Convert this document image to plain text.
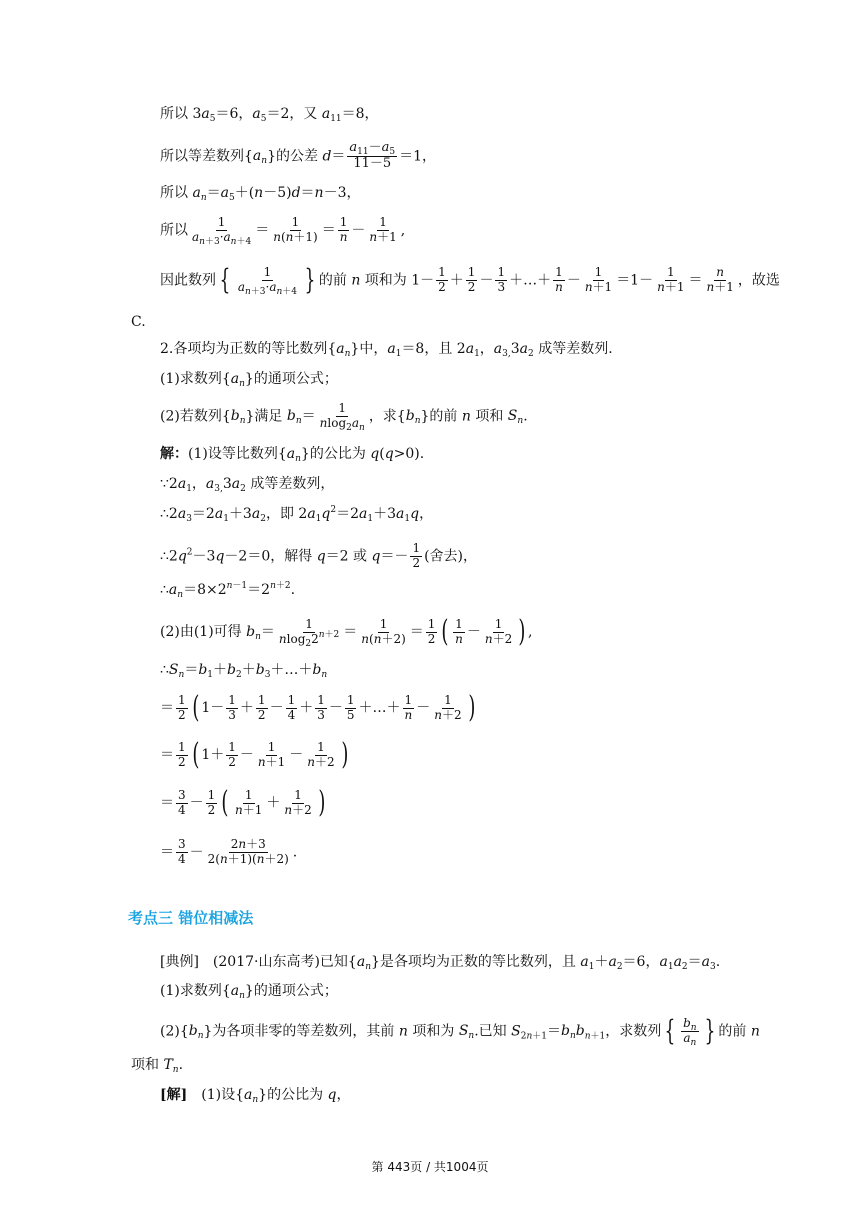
所以 $3a_5=6$，$a_5=2$，又 $a_{11}=8$，
所以等差数列$\{a_n\}$的公差 $d= \frac{a_{11}-a_5}{11-5} =1$，
所以 $a_n=a_5+(n-5)d=n-3$，
所以 $\frac{1}{a_{n+3}\cdot a_{n+4}} = \frac{1}{n(n+1)} = \frac{1}{n} - \frac{1}{n+1}$ ,
因此数列 { $\frac{1}{a_{n+3}\cdot a_{n+4}}$ } 的前 n 项和为 $1- \frac{1}{2} + \frac{1}{2} - \frac{1}{3}$ ＋…＋ $\frac{1}{n} - \frac{1}{n+1} =1- \frac{1}{n+1} = \frac{n}{n+1}$ ，故选
C.
2.各项均为正数的等比数列$\{a_n\}$中，$a_1=8$，且 $2a_1$，$a_{3,}3a_2$ 成等差数列.
(1)求数列$\{a_n\}$的通项公式；
(2)若数列$\{b_n\}$满足 $b_n= \frac{1}{nlog_2a_n}$ ，求$\{b_n\}$的前 n 项和 $S_n$.
解：(1)设等比数列$\{a_n\}$的公比为 q(q>0).
$\because 2a_1$，$a_{3,}3a_2$ 成等差数列，
$\therefore 2a_3=2a_1+3a_2$，即 $2a_1q^2=2a_1+3a_1q$，
$\therefore 2q^2-3q-2=0$，解得 q＝2 或 $q=- \frac{1}{2}$ (舍去)，
$\therefore a_n=8\times 2^{n-1}=2^{n+2}$.
(2)由(1)可得 $b_n= \frac{1}{nlog_22^{n+2}} = \frac{1}{n(n+2)} = \frac{1}{2}$ ( $\frac{1}{n} - \frac{1}{n+2}$ ) ,
$\therefore S_n=b_1+b_2+b_3+\dots+b_n$
＝ $\frac{1}{2}$ ( $1- \frac{1}{3} + \frac{1}{2} - \frac{1}{4} + \frac{1}{3} - \frac{1}{5}$ ＋…＋ $\frac{1}{n} - \frac{1}{n+2}$ )
＝ $\frac{1}{2}$ ( $1+ \frac{1}{2} - \frac{1}{n+1} - \frac{1}{n+2}$ )
＝ $\frac{3}{4} - \frac{1}{2}$ ( $\frac{1}{n+1} + \frac{1}{n+2}$ )
＝ $\frac{3}{4} - \frac{2n+3}{2(n+1)(n+2)}$ .
考点三 错位相减法
[典例]　(2017·山东高考)已知$\{a_n\}$是各项均为正数的等比数列，且 $a_1+a_2=6$，$a_1a_2=a_3$.
(1)求数列$\{a_n\}$的通项公式；
$(2)\{b_n\}$为各项非零的等差数列，其前 n 项和为 $S_n$.已知 $S_{2n+1}=b_nb_{n+1}$，求数列 { $\frac{b_n}{a_n}$ } 的前 n
项和 $T_n$.
[解]　(1)设$\{a_n\}$的公比为 q，
第 443页 / 共1004页
